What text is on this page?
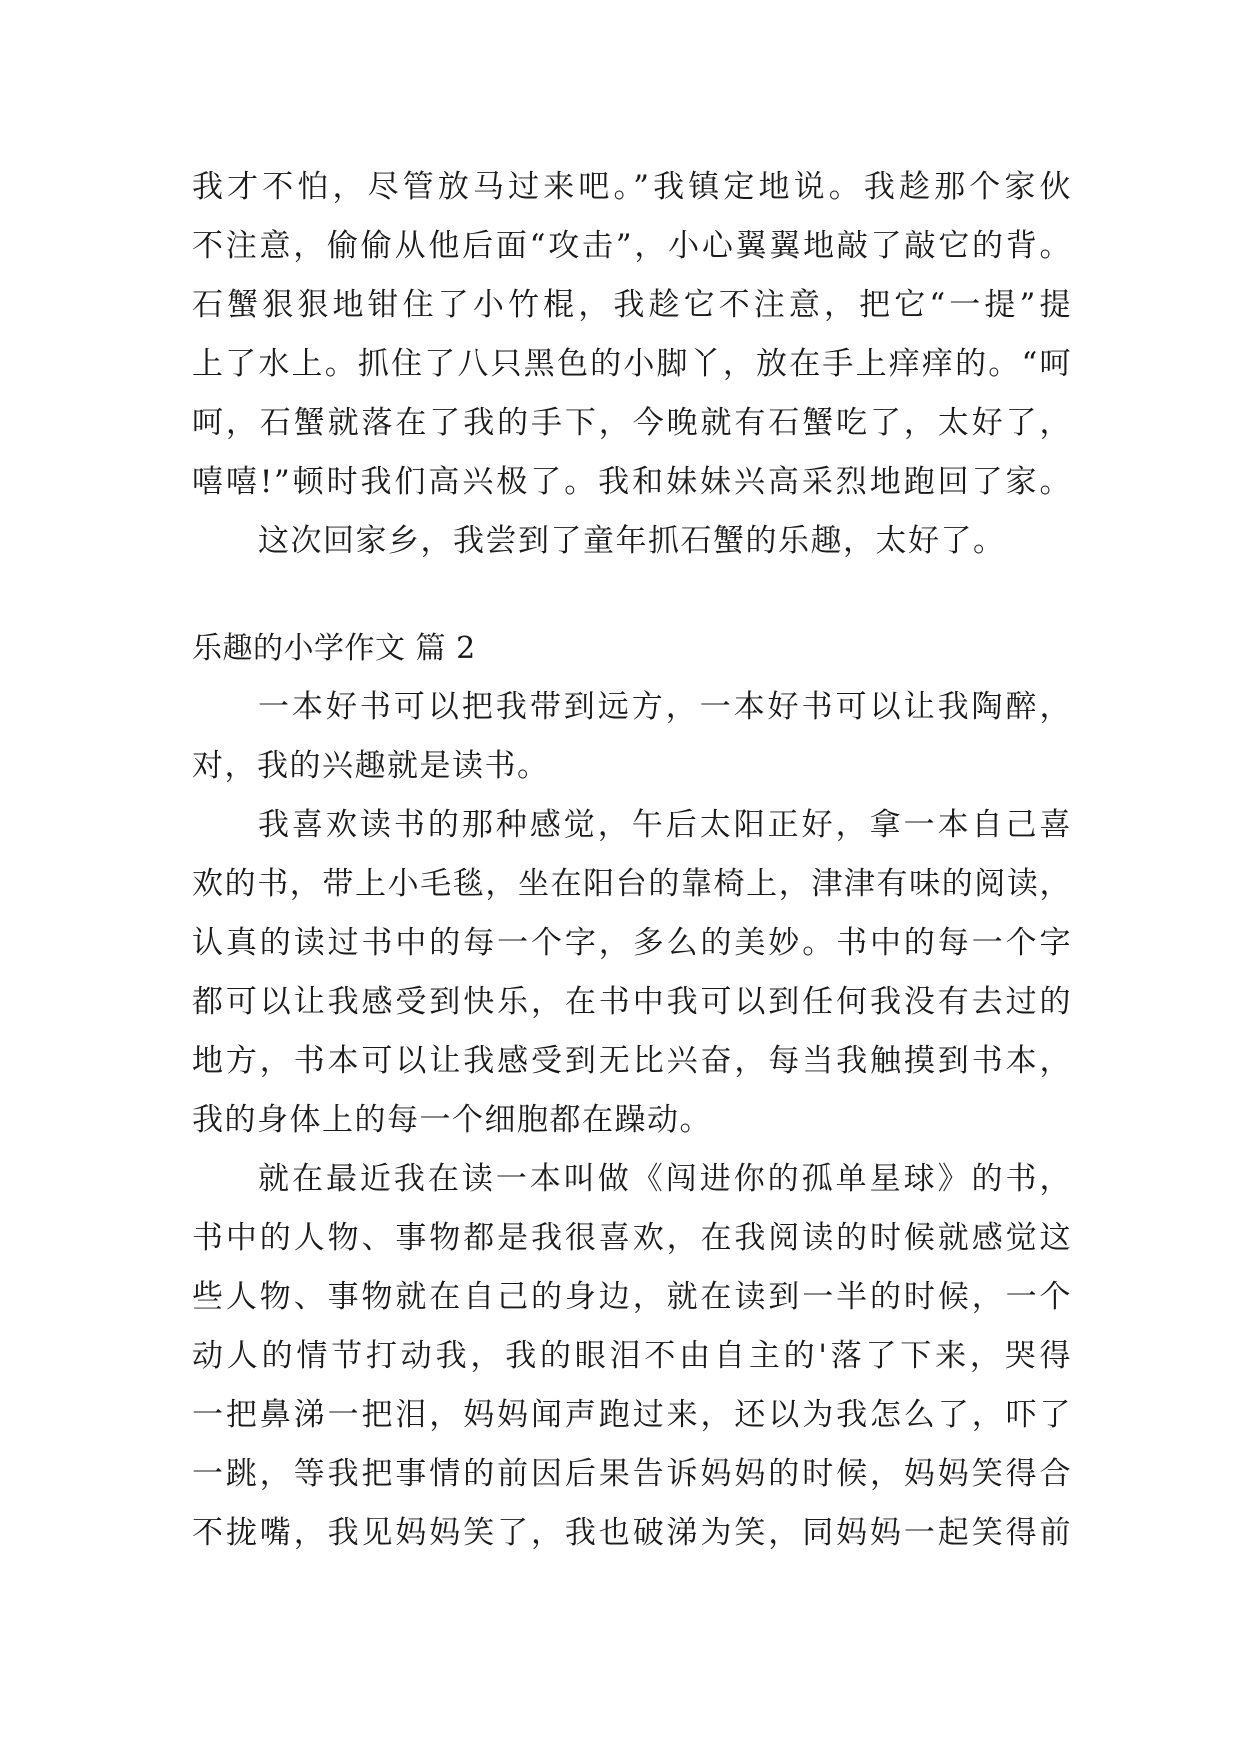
我才不怕，尽管放马过来吧。”我镇定地说。我趁那个家伙
不注意，偷偷从他后面“攻击”，小心翼翼地敲了敲它的背。
石蟹狠狠地钳住了小竹棍，我趁它不注意，把它“一提”提
上了水上。抓住了八只黑色的小脚丫，放在手上痒痒的。“呵
呵，石蟹就落在了我的手下，今晚就有石蟹吃了，太好了，
嘻嘻!”顿时我们高兴极了。我和妹妹兴高采烈地跑回了家。
这次回家乡，我尝到了童年抓石蟹的乐趣，太好了。
乐趣的小学作文 篇 2
一本好书可以把我带到远方，一本好书可以让我陶醉，
对，我的兴趣就是读书。
我喜欢读书的那种感觉，午后太阳正好，拿一本自己喜
欢的书，带上小毛毯，坐在阳台的靠椅上，津津有味的阅读，
认真的读过书中的每一个字，多么的美妙。书中的每一个字
都可以让我感受到快乐，在书中我可以到任何我没有去过的
地方，书本可以让我感受到无比兴奋，每当我触摸到书本，
我的身体上的每一个细胞都在躁动。
就在最近我在读一本叫做《闯进你的孤单星球》的书，
书中的人物、事物都是我很喜欢，在我阅读的时候就感觉这
些人物、事物就在自己的身边，就在读到一半的时候，一个
动人的情节打动我，我的眼泪不由自主的'落了下来，哭得
一把鼻涕一把泪，妈妈闻声跑过来，还以为我怎么了，吓了
一跳，等我把事情的前因后果告诉妈妈的时候，妈妈笑得合
不拢嘴，我见妈妈笑了，我也破涕为笑，同妈妈一起笑得前
